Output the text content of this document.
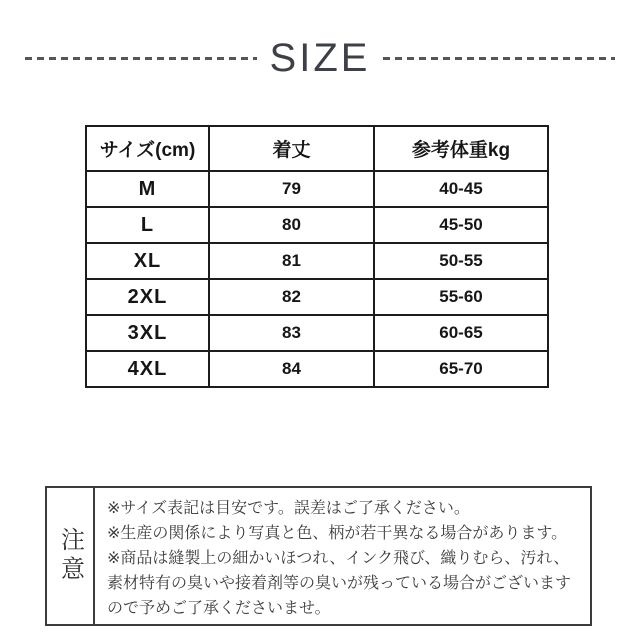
SIZE
サイズ(cm)	着丈	参考体重kg
M	79	40-45
L	80	45-50
XL	81	50-55
2XL	82	55-60
3XL	83	60-65
4XL	84	65-70
注意

※サイズ表記は目安です。誤差はご了承ください。

※生産の関係により写真と色、柄が若干異なる場合があります。

※商品は縫製上の細かいほつれ、インク飛び、織りむら、汚れ、素材特有の臭いや接着剤等の臭いが残っている場合がございますので予めご了承くださいませ。
